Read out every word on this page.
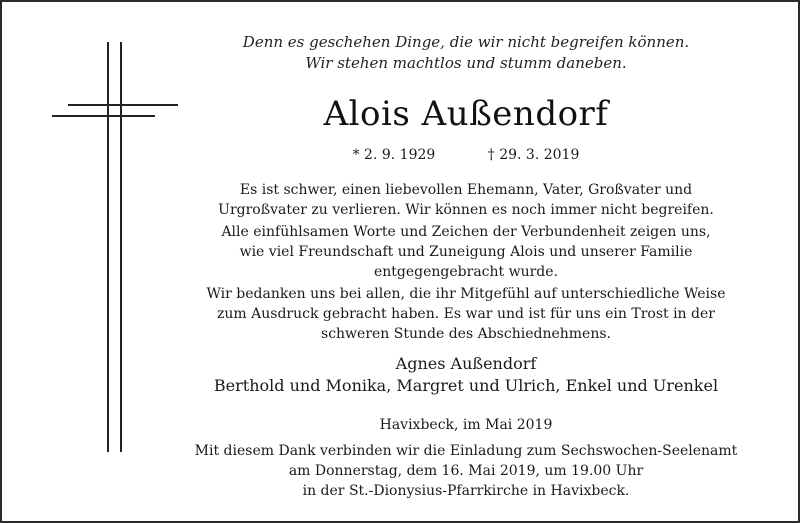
Denn es geschehen Dinge, die wir nicht begreifen können.
Wir stehen machtlos und stumm daneben.
Alois Außendorf
* 2. 9. 1929	† 29. 3. 2019
Es ist schwer, einen liebevollen Ehemann, Vater, Großvater und
Urgroßvater zu verlieren. Wir können es noch immer nicht begreifen.
Alle einfühlsamen Worte und Zeichen der Verbundenheit zeigen uns,
wie viel Freundschaft und Zuneigung Alois und unserer Familie
entgegengebracht wurde.
Wir bedanken uns bei allen, die ihr Mitgefühl auf unterschiedliche Weise
zum Ausdruck gebracht haben. Es war und ist für uns ein Trost in der
schweren Stunde des Abschiednehmens.
Agnes Außendorf
Berthold und Monika, Margret und Ulrich, Enkel und Urenkel
Havixbeck, im Mai 2019
Mit diesem Dank verbinden wir die Einladung zum Sechswochen-Seelenamt
am Donnerstag, dem 16. Mai 2019, um 19.00 Uhr
in der St.-Dionysius-Pfarrkirche in Havixbeck.
